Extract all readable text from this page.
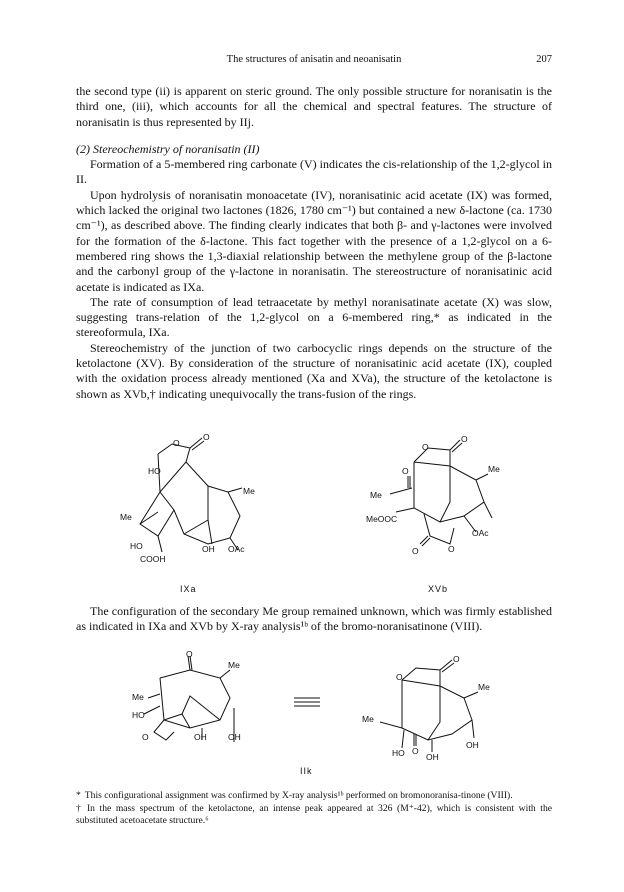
The structures of anisatin and neoanisatin	207

the second type (ii) is apparent on steric ground. The only possible structure for noranisatin is the third one, (iii), which accounts for all the chemical and spectral features. The structure of noranisatin is thus represented by IIj.

(2) Stereochemistry of noranisatin (II)

Formation of a 5-membered ring carbonate (V) indicates the cis-relationship of the 1,2-glycol in II.

Upon hydrolysis of noranisatin monoacetate (IV), noranisatinic acid acetate (IX) was formed, which lacked the original two lactones (1826, 1780 cm⁻¹) but contained a new δ-lactone (ca. 1730 cm⁻¹), as described above. The finding clearly indicates that both β- and γ-lactones were involved for the formation of the δ-lactone. This fact together with the presence of a 1,2-glycol on a 6-membered ring shows the 1,3-diaxial relationship between the methylene group of the β-lactone and the carbonyl group of the γ-lactone in noranisatin. The stereostructure of noranisatinic acid acetate is indicated as IXa.

The rate of consumption of lead tetraacetate by methyl noranisatinate acetate (X) was slow, suggesting trans-relation of the 1,2-glycol on a 6-membered ring,* as indicated in the stereoformula, IXa.

Stereochemistry of the junction of two carbocyclic rings depends on the structure of the ketolactone (XV). By consideration of the structure of noranisatinic acid acetate (IX), coupled with the oxidation process already mentioned (Xa and XVa), the structure of the ketolactone is shown as XVb,† indicating unequivocally the trans-fusion of the rings.

HO
O
O
Me
Me
HO	OH
COOH
OAc
IXa
O
O
Me
O
Me
MeOOC
OAc
O	O
XVb

The configuration of the secondary Me group remained unknown, which was firmly established as indicated in IXa and XVb by X-ray analysis¹ᵇ of the bromo-noranisatinone (VIII).

O
Me
Me
HO
O	OH	OH
O
O
Me
Me
HO O
OH
OH
IIk

* This configurational assignment was confirmed by X-ray analysis¹ᵇ performed on bromonoranisa-tinone (VIII).

† In the mass spectrum of the ketolactone, an intense peak appeared at 326 (M⁺-42), which is consistent with the substituted acetoacetate structure.⁶
